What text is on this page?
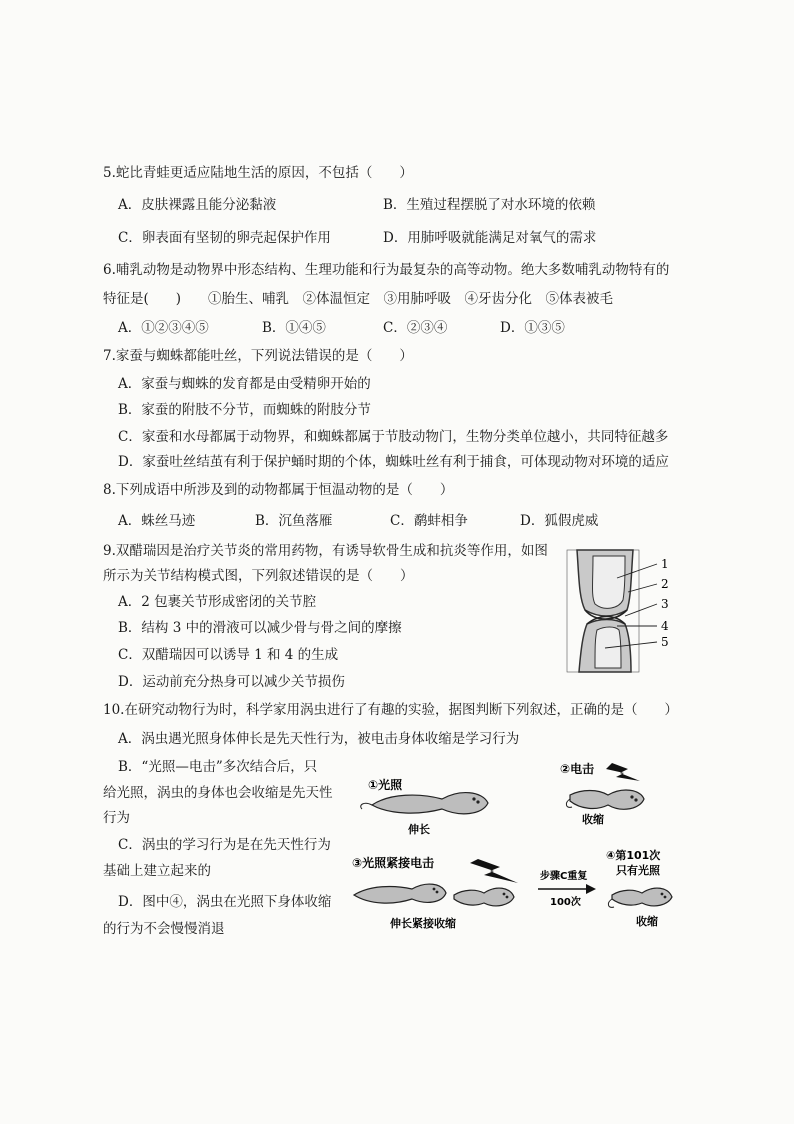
5.蛇比青蛙更适应陆地生活的原因，不包括（　　）
A．皮肤裸露且能分泌黏液	B．生殖过程摆脱了对水环境的依赖
C．卵表面有坚韧的卵壳起保护作用	D．用肺呼吸就能满足对氧气的需求
6.哺乳动物是动物界中形态结构、生理功能和行为最复杂的高等动物。绝大多数哺乳动物特有的
特征是(　　)　　①胎生、哺乳　②体温恒定　③用肺呼吸　④牙齿分化　⑤体表被毛
A．①②③④⑤	B．①④⑤	C．②③④	D．①③⑤
7.家蚕与蜘蛛都能吐丝，下列说法错误的是（　　）
A．家蚕与蜘蛛的发育都是由受精卵开始的
B．家蚕的附肢不分节，而蜘蛛的附肢分节
C．家蚕和水母都属于动物界，和蜘蛛都属于节肢动物门，生物分类单位越小，共同特征越多
D．家蚕吐丝结茧有利于保护蛹时期的个体，蜘蛛吐丝有利于捕食，可体现动物对环境的适应
8.下列成语中所涉及到的动物都属于恒温动物的是（　　）
A．蛛丝马迹	B．沉鱼落雁	C．鹬蚌相争	D．狐假虎威
9.双醋瑞因是治疗关节炎的常用药物，有诱导软骨生成和抗炎等作用，如图
所示为关节结构模式图，下列叙述错误的是（　　）
A．2 包裹关节形成密闭的关节腔
B．结构 3 中的滑液可以减少骨与骨之间的摩擦
C．双醋瑞因可以诱导 1 和 4 的生成
D．运动前充分热身可以减少关节损伤
1
2
3
4
5
10.在研究动物行为时，科学家用涡虫进行了有趣的实验，据图判断下列叙述，正确的是（　　）
A．涡虫遇光照身体伸长是先天性行为，被电击身体收缩是学习行为
B．“光照—电击”多次结合后，只
给光照，涡虫的身体也会收缩是先天性
行为
C．涡虫的学习行为是在先天性行为
基础上建立起来的
D．图中④，涡虫在光照下身体收缩
的行为不会慢慢消退
①光照
伸长
②电击
收缩
③光照紧接电击
伸长紧接收缩
步骤C重复
100次
④第101次
只有光照
收缩
